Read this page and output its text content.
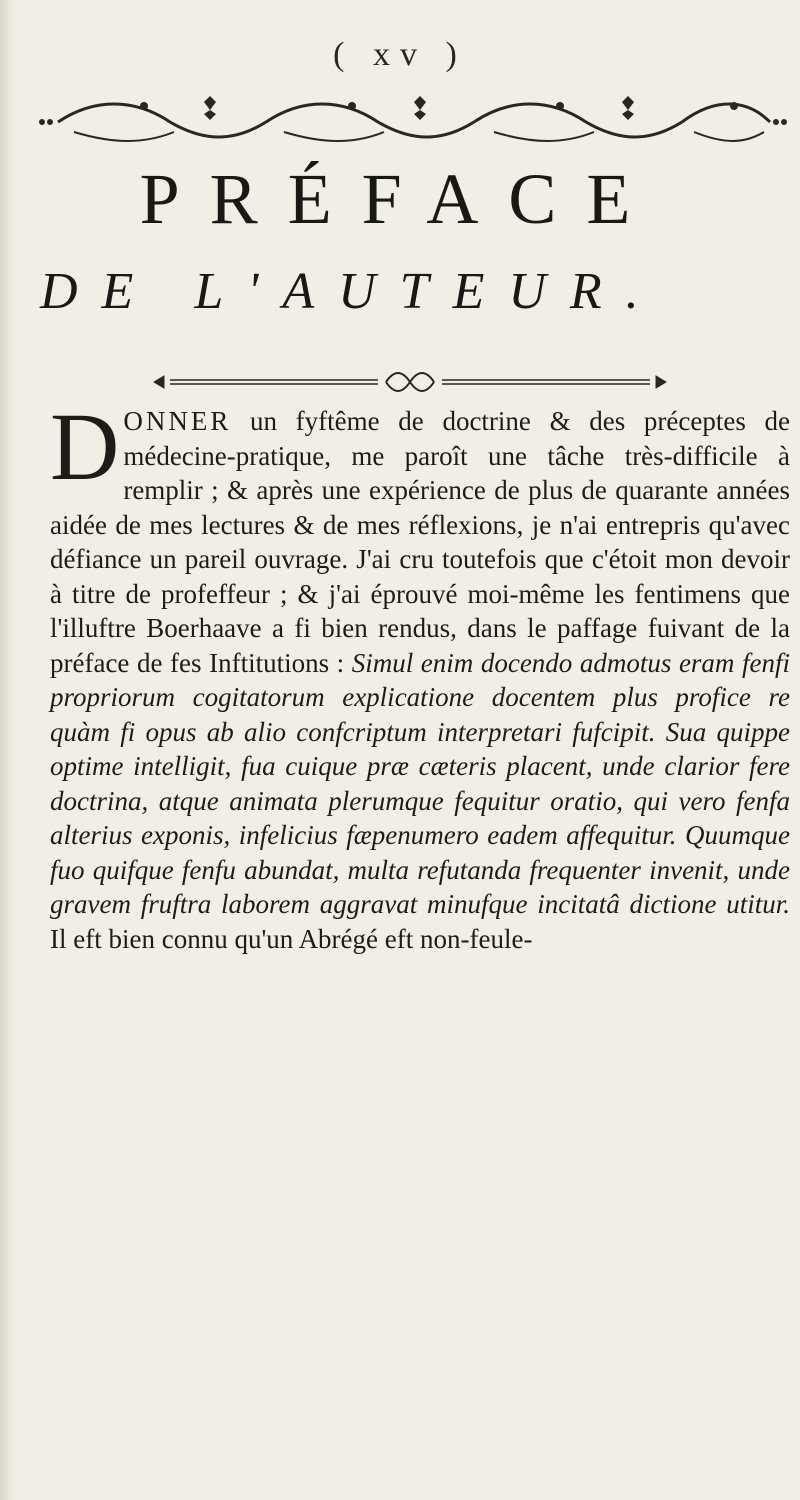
( xv )
PRÉFACE
DE L'AUTEUR.
DONNER un fyftême de doctrine & des préceptes de médecine-pratique, me paroît une tâche très-difficile à remplir ; & après une expérience de plus de quarante années aidée de mes lectures & de mes réflexions, je n'ai entrepris qu'avec défiance un pareil ouvrage. J'ai cru toutefois que c'étoit mon devoir à titre de profeffeur ; & j'ai éprouvé moi-même les fentimens que l'illuftre Boerhaave a fi bien rendus, dans le paffage fuivant de la préface de fes Inftitutions : Simul enim docendo admotus eram fenfi propriorum cogitatorum explicatione docentem plus profice re quàm fi opus ab alio confcriptum interpretari fufcipit. Sua quippe optime intelligit, fua cuique præ cæteris placent, unde clarior fere doctrina, atque animata plerumque fequitur oratio, qui vero fenfa alterius exponis, infelicius fæpenumero eadem affequitur. Quumque fuo quifque fenfu abundat, multa refutanda frequenter invenit, unde gravem fruftra laborem aggravat minufque incitatâ dictione utitur. Il eft bien connu qu'un Abrégé eft non-feule-
